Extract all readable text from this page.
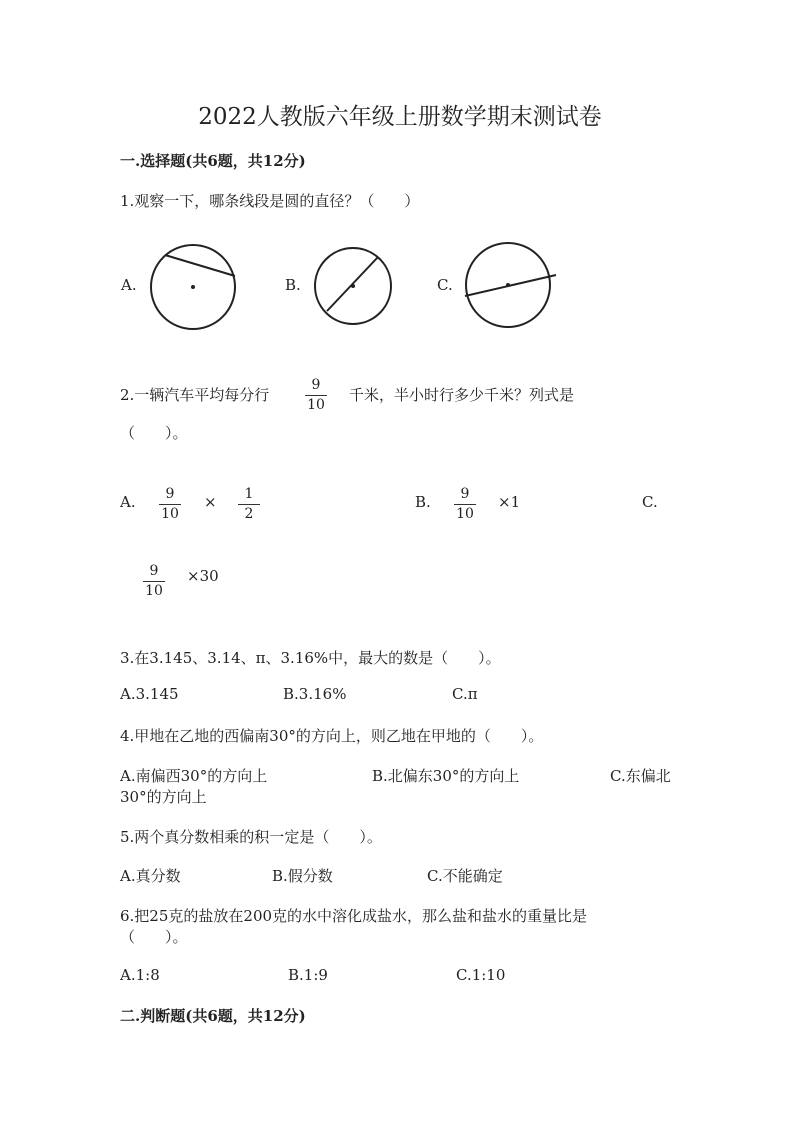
2022人教版六年级上册数学期末测试卷
一.选择题(共6题，共12分)
1.观察一下，哪条线段是圆的直径？（　　）
A.	B.	C.
2.一辆汽车平均每分行
9
10
千米，半小时行多少千米？列式是
（　　）。
A.	9
10
×	1
2
B.	9
10
×1	C.
9
10
×30
3.在3.145、3.14、π、3.16%中，最大的数是（　　）。
A.3.145	B.3.16%	C.π
4.甲地在乙地的西偏南30°的方向上，则乙地在甲地的（　　）。
A.南偏西30°的方向上	B.北偏东30°的方向上	C.东偏北
30°的方向上
5.两个真分数相乘的积一定是（　　）。
A.真分数	B.假分数	C.不能确定
6.把25克的盐放在200克的水中溶化成盐水，那么盐和盐水的重量比是
（　　）。
A.1:8	B.1:9	C.1:10
二.判断题(共6题，共12分)
